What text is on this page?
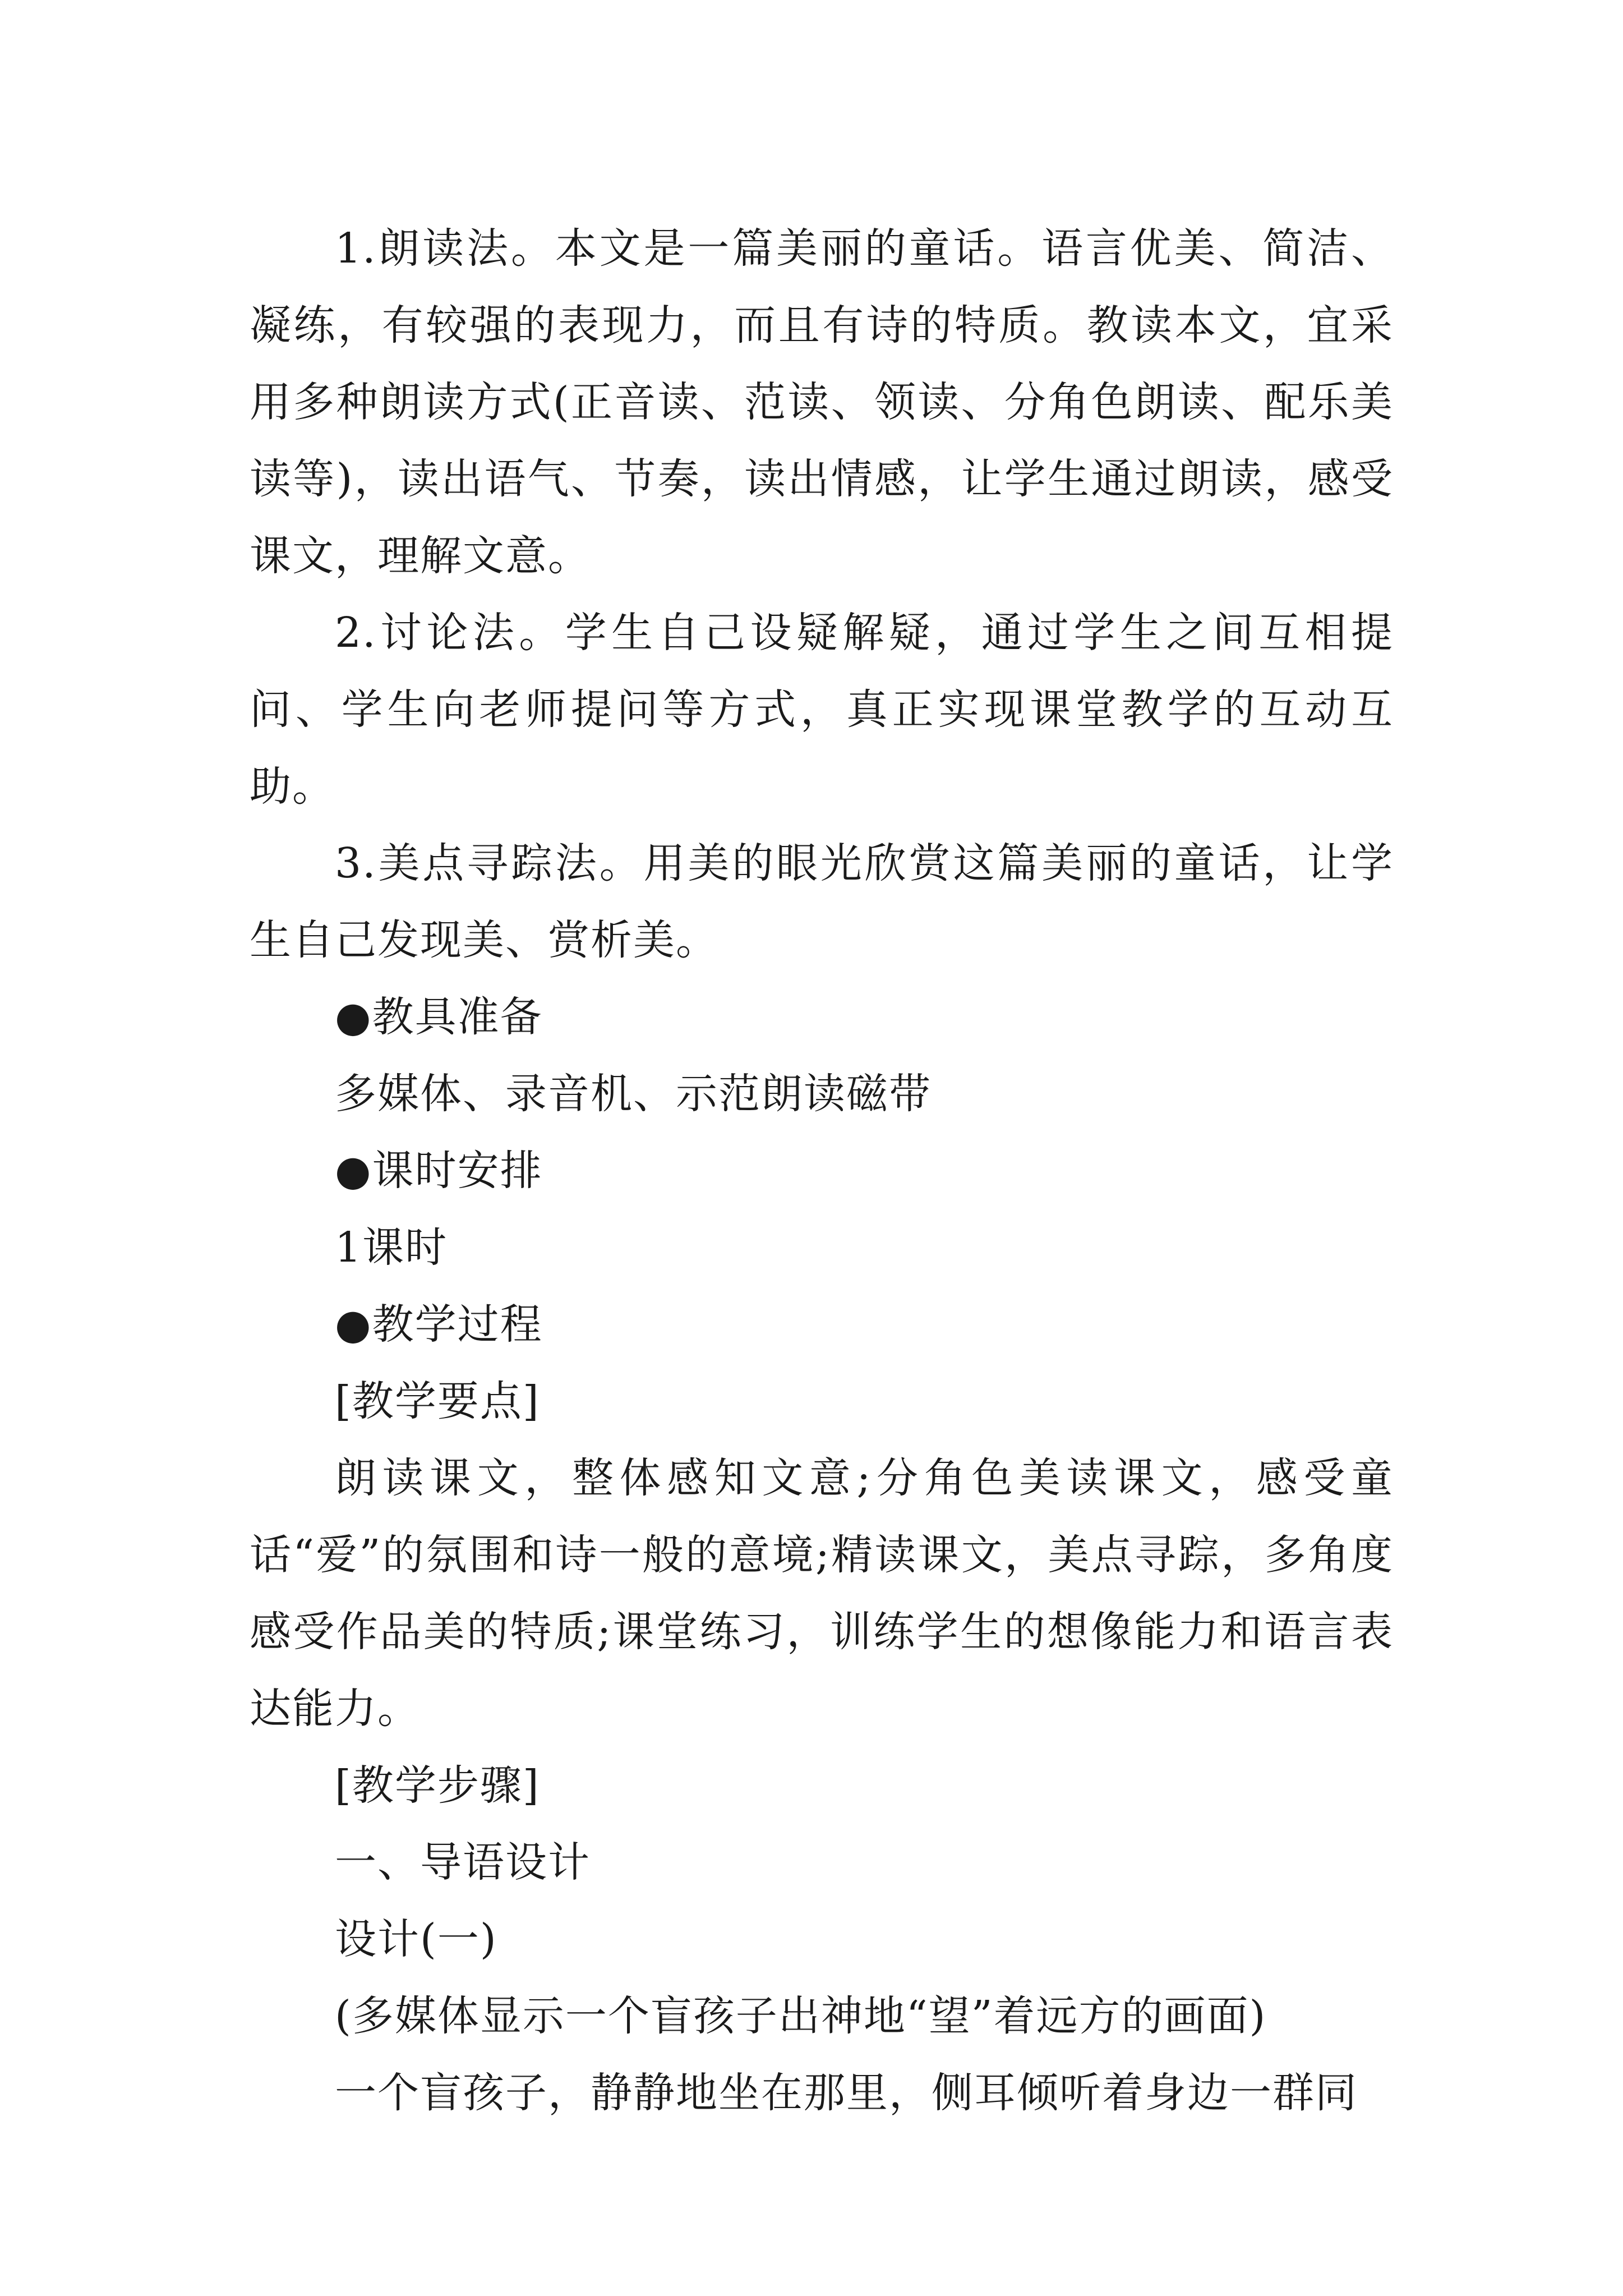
1.朗读法。本文是一篇美丽的童话。语言优美、简洁、凝练，有较强的表现力，而且有诗的特质。教读本文，宜采用多种朗读方式(正音读、范读、领读、分角色朗读、配乐美读等)，读出语气、节奏，读出情感，让学生通过朗读，感受课文，理解文意。

2.讨论法。学生自己设疑解疑，通过学生之间互相提问、学生向老师提问等方式，真正实现课堂教学的互动互助。

3.美点寻踪法。用美的眼光欣赏这篇美丽的童话，让学生自己发现美、赏析美。

●教具准备

多媒体、录音机、示范朗读磁带

●课时安排

1课时

●教学过程

[教学要点]

朗读课文，整体感知文意;分角色美读课文，感受童话“爱”的氛围和诗一般的意境;精读课文，美点寻踪，多角度感受作品美的特质;课堂练习，训练学生的想像能力和语言表达能力。

[教学步骤]

一、导语设计

设计(一)

(多媒体显示一个盲孩子出神地“望”着远方的画面)

一个盲孩子，静静地坐在那里，侧耳倾听着身边一群同
